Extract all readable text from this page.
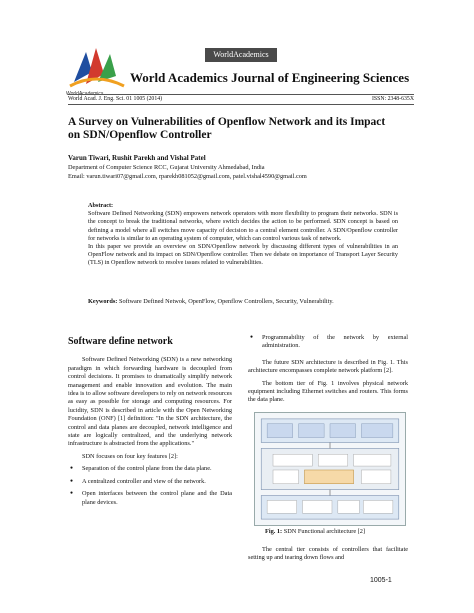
WorldAcademics
WorldAcademics
World Academics Journal of Engineering Sciences
World Acad. J. Eng. Sci. 01 1005 (2014)	ISSN: 2348-635X
A Survey on Vulnerabilities of Openflow Network and its Impact on SDN/Openflow Controller
Varun Tiwari, Rushit Parekh and Vishal Patel
Department of Computer Science RCC, Gujarat University Ahmedabad, India
Email: varun.tiwari07@gmail.com, rparekh081052@gmail.com, patel.vishal4590@gmail.com
Abstract:

Software Defined Networking (SDN) empowers network operators with more flexibility to program their networks. SDN is the concept to break the traditional networks, where switch decides the action to be performed. SDN concept is based on defining a model where all switches move capacity of decision to a central element controller. A SDN/Openflow controller for networks is similar to an operating system of computer, which can control various task of network.

In this paper we provide an overview on SDN/Openflow network by discussing different types of vulnerabilities in an OpenFlow network and its impact on SDN/Openflow controller. Then we debate on importance of Transport Layer Security (TLS) in Openflow network to resolve issues related to vulnerabilities.

Keywords: Software Defined Netwok, OpenFlow, Openflow Controllers, Security, Vulnerability.
Software define network

Software Defined Networking (SDN) is a new networking paradigm in which forwarding hardware is decoupled from control decisions. It promises to dramatically simplify network management and enable innovation and evolution. The main idea is to allow software developers to rely on network resources as easy as possible for storage and computing resources. For lucidity, SDN is described in article with the Open Networking Foundation (ONF) [1] definition: "In the SDN architecture, the control and data planes are decoupled, network intelligence and state are logically centralized, and the underlying network infrastructure is abstracted from the applications."

SDN focuses on four key features [2]:

● Separation of the control plane from the data plane.
● A centralized controller and view of the network.
● Open interfaces between the control plane and the Data plane devices.
● Programmability of the network by external administration.

The future SDN architecture is described in Fig. 1. This architecture encompasses complete network platform [2].

The bottom tier of Fig. 1 involves physical network equipment including Ethernet switches and routers. This forms the data plane.

Fig. 1: SDN Functional architecture [2]

The central tier consists of controllers that facilitate setting up and tearing down flows and

1005-1
